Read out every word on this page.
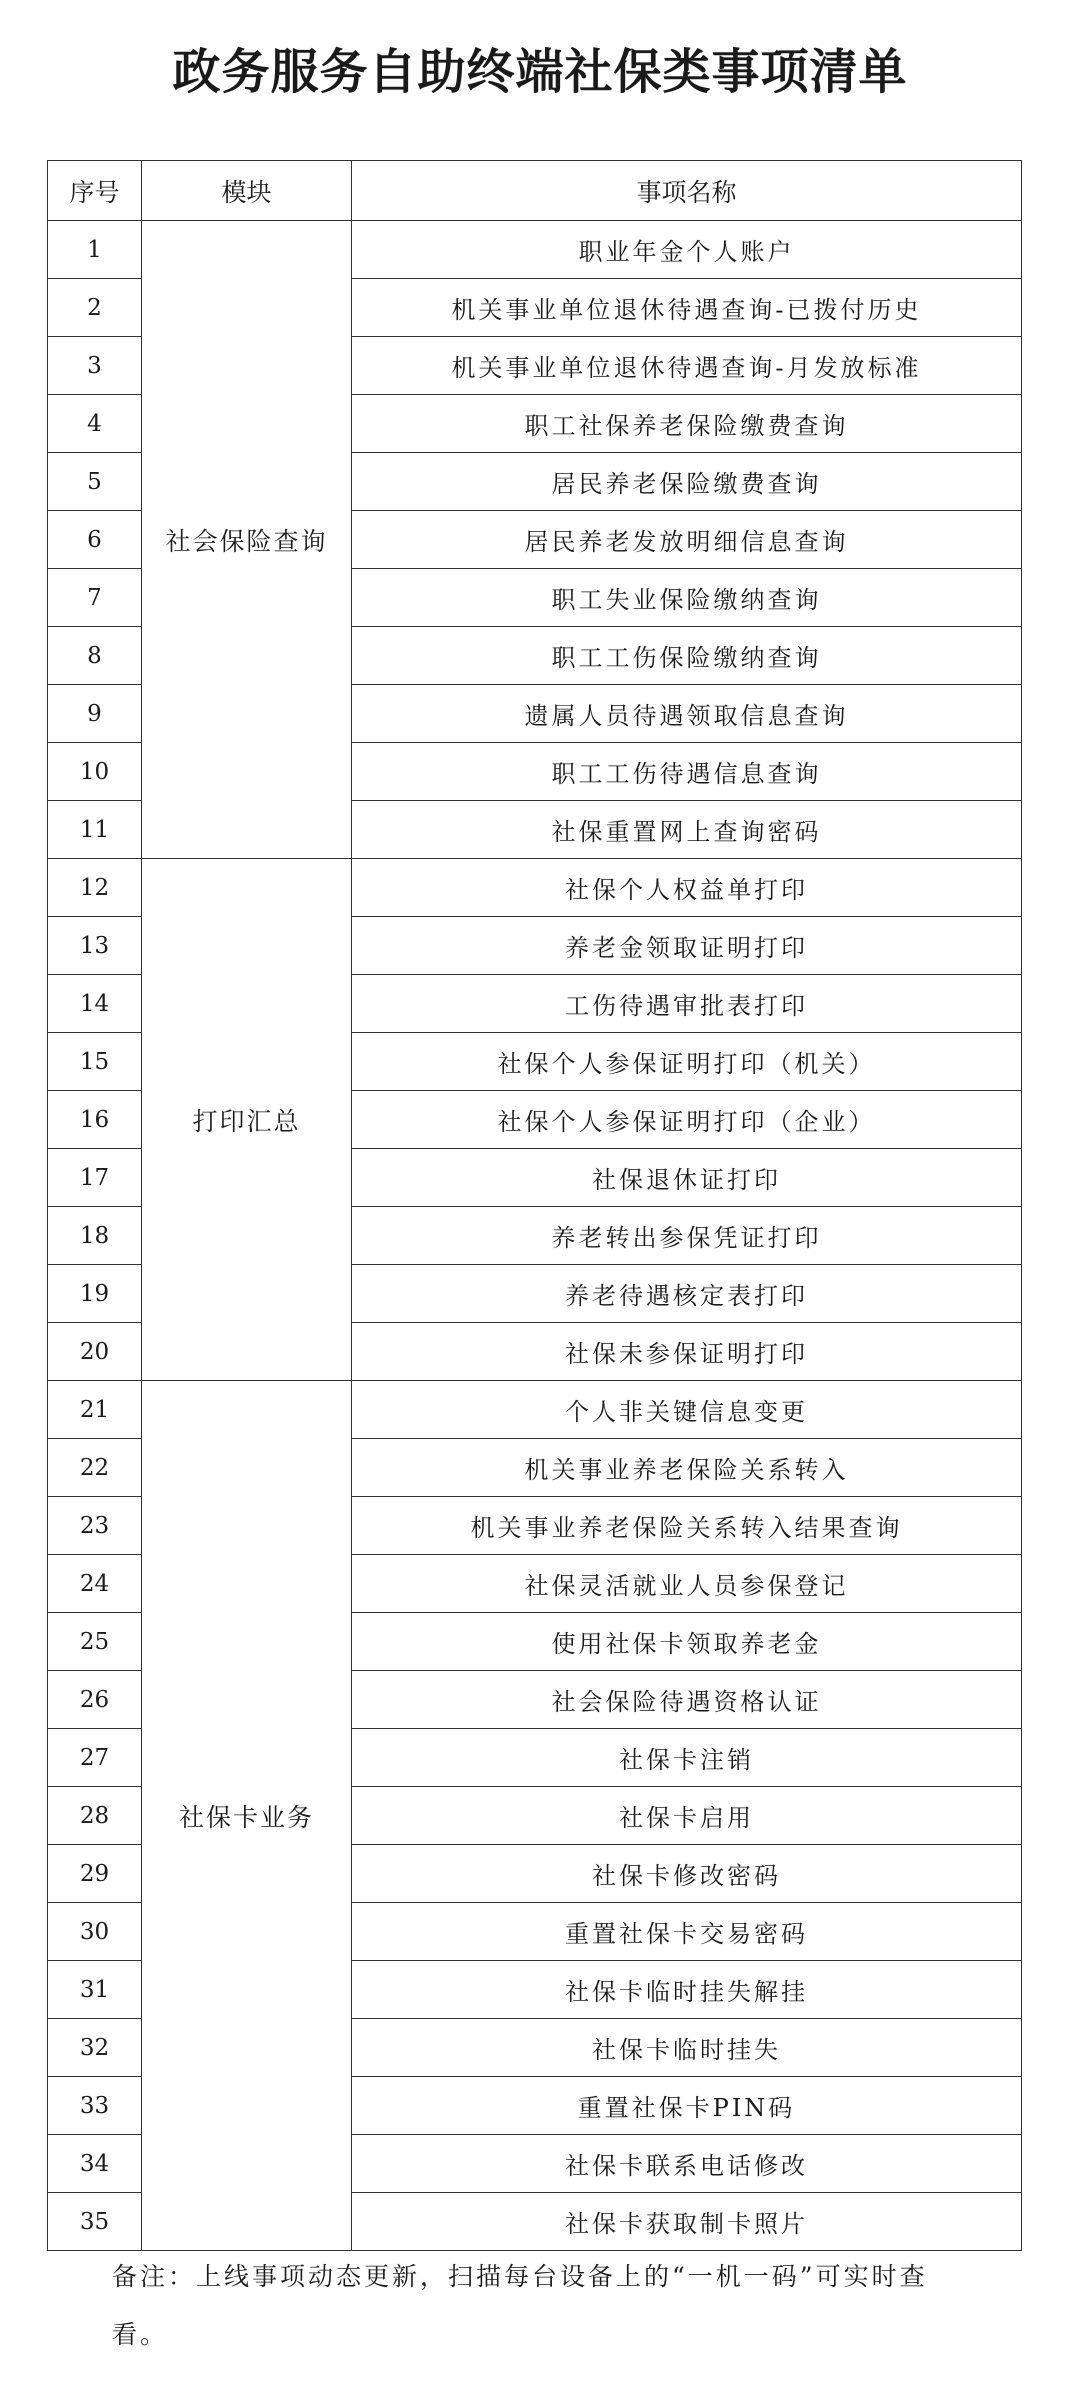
政务服务自助终端社保类事项清单
序号	模块	事项名称
1	社会保险查询	职业年金个人账户
2		机关事业单位退休待遇查询-已拨付历史
3		机关事业单位退休待遇查询-月发放标准
4		职工社保养老保险缴费查询
5		居民养老保险缴费查询
6		居民养老发放明细信息查询
7		职工失业保险缴纳查询
8		职工工伤保险缴纳查询
9		遗属人员待遇领取信息查询
10		职工工伤待遇信息查询
11		社保重置网上查询密码
12	打印汇总	社保个人权益单打印
13		养老金领取证明打印
14		工伤待遇审批表打印
15		社保个人参保证明打印（机关）
16		社保个人参保证明打印（企业）
17		社保退休证打印
18		养老转出参保凭证打印
19		养老待遇核定表打印
20		社保未参保证明打印
21	社保卡业务	个人非关键信息变更
22		机关事业养老保险关系转入
23		机关事业养老保险关系转入结果查询
24		社保灵活就业人员参保登记
25		使用社保卡领取养老金
26		社会保险待遇资格认证
27		社保卡注销
28		社保卡启用
29		社保卡修改密码
30		重置社保卡交易密码
31		社保卡临时挂失解挂
32		社保卡临时挂失
33		重置社保卡PIN码
34		社保卡联系电话修改
35		社保卡获取制卡照片
备注：上线事项动态更新，扫描每台设备上的“一机一码”可实时查看。
